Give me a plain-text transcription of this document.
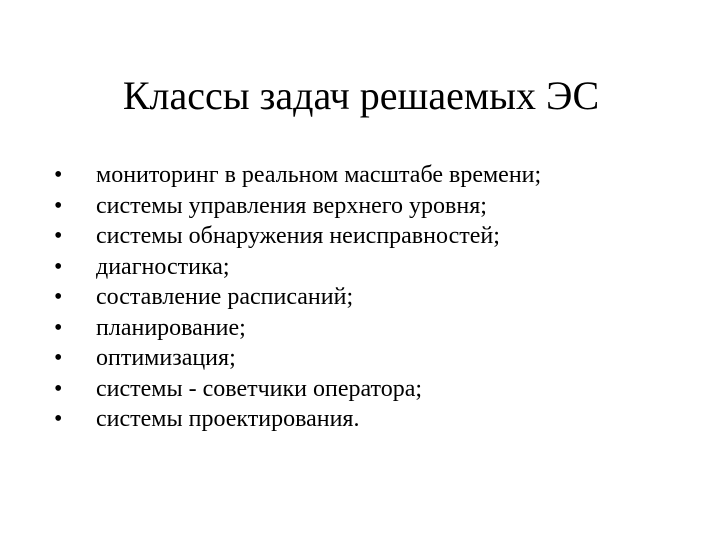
Классы задач решаемых ЭС
•	мониторинг в реальном масштабе времени;
•	системы управления верхнего уровня;
•	системы обнаружения неисправностей;
•	диагностика;
•	составление расписаний;
•	планирование;
•	оптимизация;
•	системы - советчики оператора;
•	системы проектирования.
